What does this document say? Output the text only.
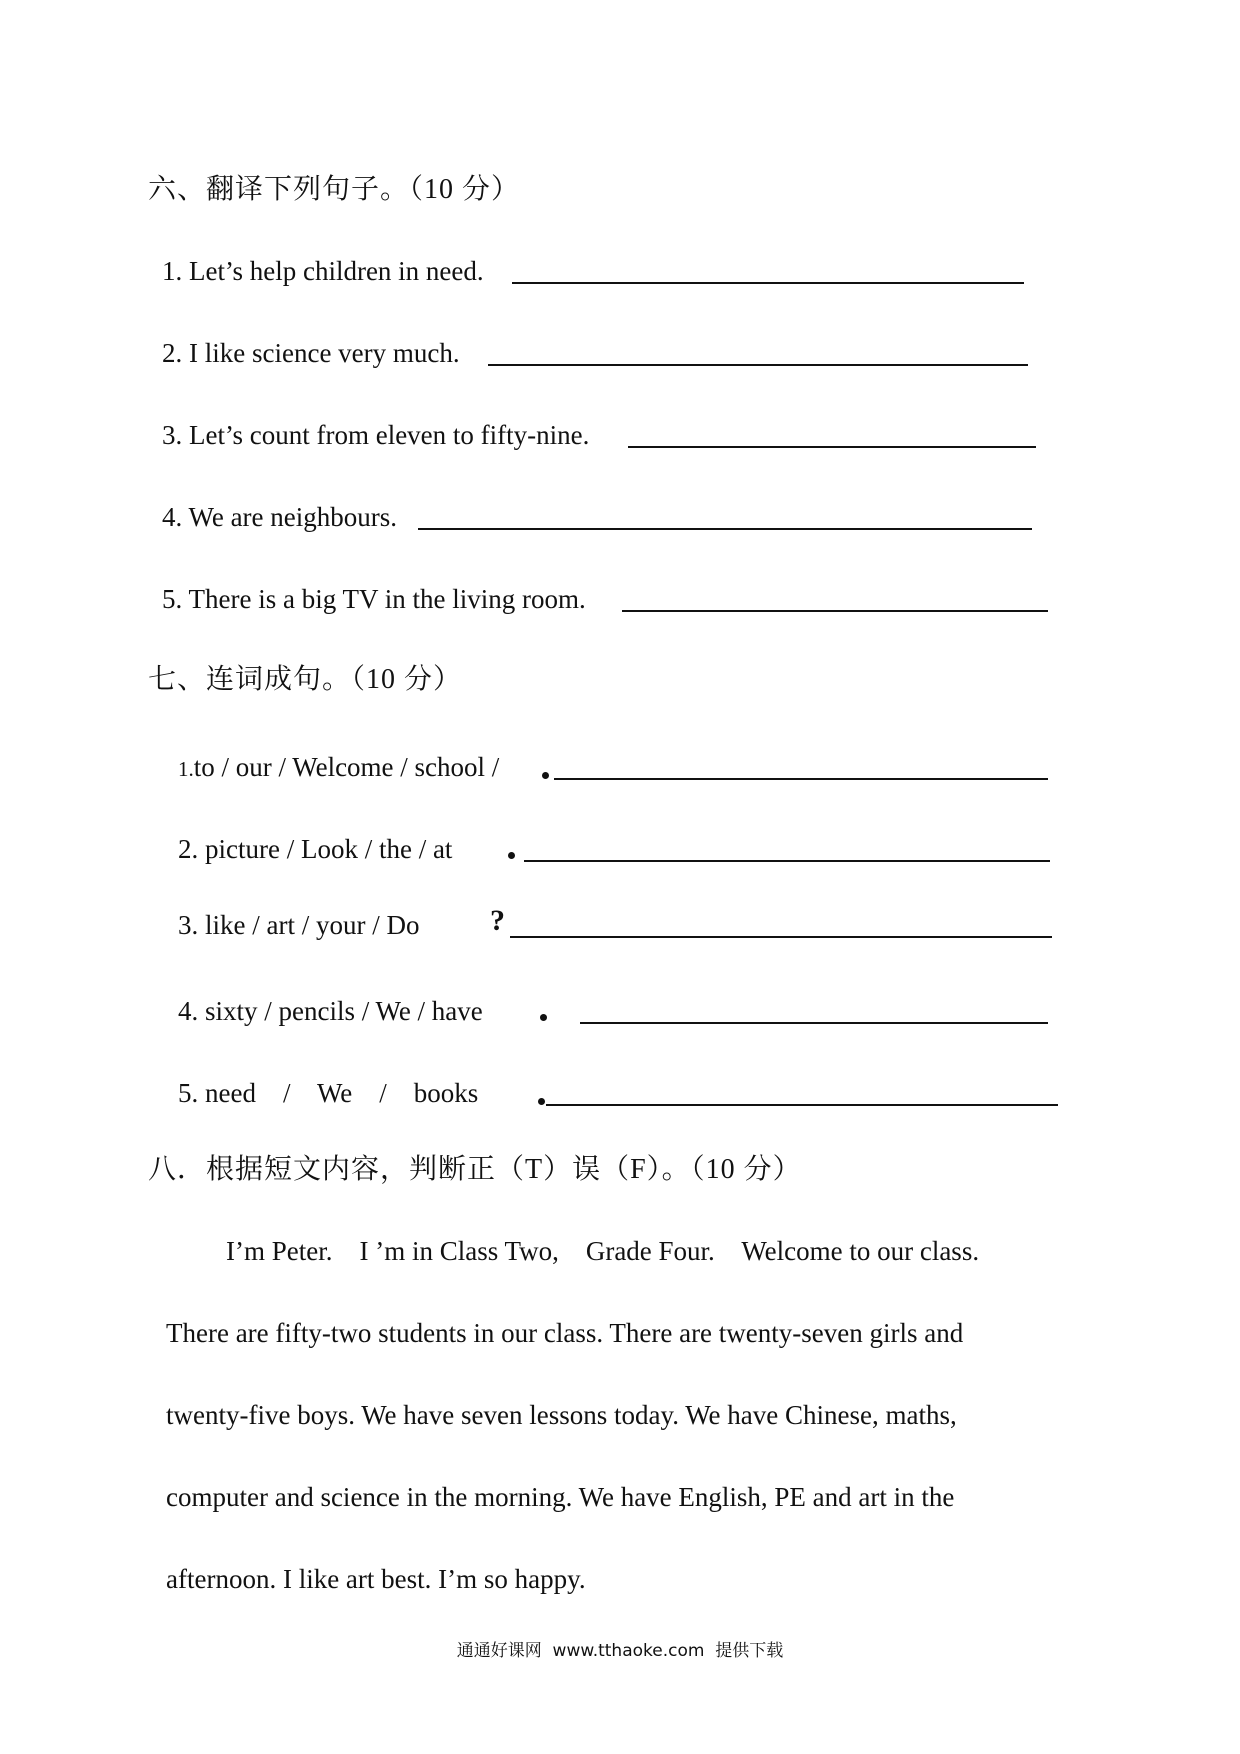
六、翻译下列句子。（10 分）
1. Let’s help children in need.
2. I like science very much.
3. Let’s count from eleven to fifty-nine.
4. We are neighbours.
5. There is a big TV in the living room.
七、连词成句。（10 分）
1.to / our / Welcome / school /
2. picture / Look / the / at
3. like / art / your / Do ?
4. sixty / pencils / We / have
5. need    /    We    /    books
八．根据短文内容，判断正（T）误（F）。（10 分）
I’m Peter.    I ’m in Class Two,    Grade Four.    Welcome to our class.
There are fifty-two students in our class. There are twenty-seven girls and
twenty-five boys. We have seven lessons today. We have Chinese, maths,
computer and science in the morning. We have English, PE and art in the
afternoon. I like art best. I’m so happy.
通通好课网  www.tthaoke.com  提供下载
